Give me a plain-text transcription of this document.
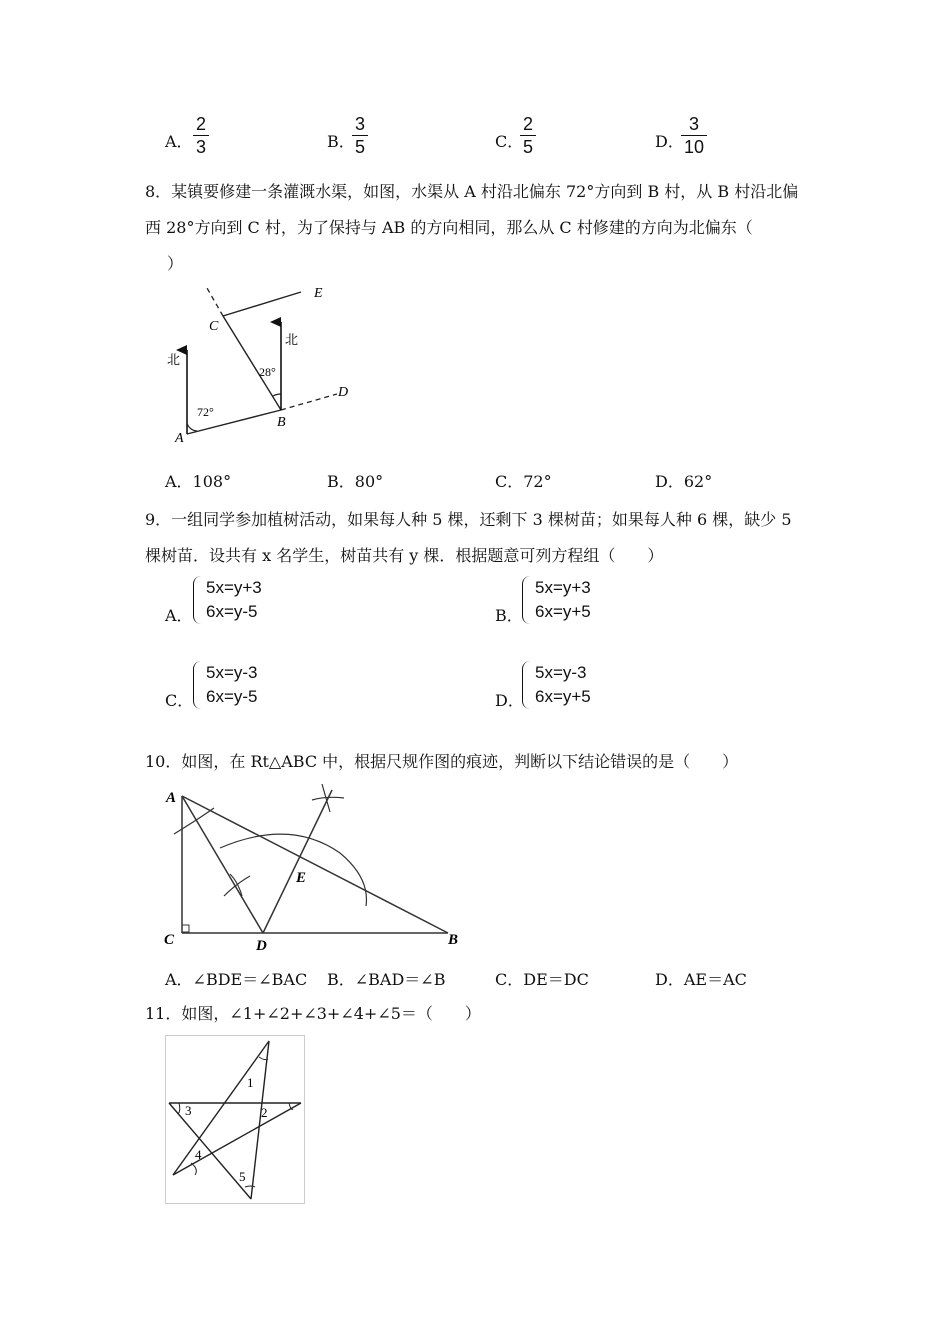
A．
2
3	B．
3
5	C．
2
5	D．
3
10
8．某镇要修建一条灌溉水渠，如图，水渠从 A 村沿北偏东 72°方向到 B 村，从 B 村沿北偏
西 28°方向到 C 村，为了保持与 AB 的方向相同，那么从 C 村修建的方向为北偏东（
）
A
B
C
D
E
北
北
72°
28°
A．108°	B．80°	C．72°	D．62°
9．一组同学参加植树活动，如果每人种 5 棵，还剩下 3 棵树苗；如果每人种 6 棵，缺少 5
棵树苗．设共有 x 名学生，树苗共有 y 棵．根据题意可列方程组（　　）
A．
5x=y+3
6x=y-5	B．
5x=y+3
6x=y+5
C．
5x=y-3
6x=y-5	D．
5x=y-3
6x=y+5
10．如图，在 Rt△ABC 中，根据尺规作图的痕迹，判断以下结论错误的是（　　）
A
C	D	B
E
A．∠BDE＝∠BAC B．∠BAD＝∠B	C．DE＝DC	D．AE＝AC
11．如图，∠1+∠2+∠3+∠4+∠5＝（　　）
1
2
3
4
5
